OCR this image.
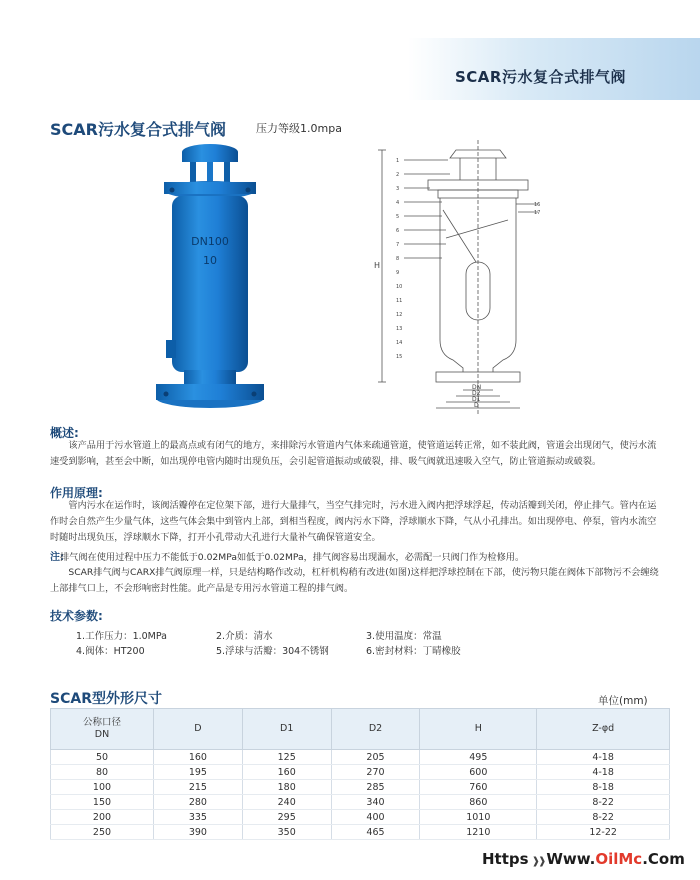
SCAR污水复合式排气阀
SCAR污水复合式排气阀	压力等级1.0mpa
DN100
10	H
DN
D2
D1
D
1
2
3
4
5
6
7
8
9
10
11
12
13
14
15
16
17
概述:

该产品用于污水管道上的最高点或有闭气的地方，来排除污水管道内气体来疏通管道，使管道运转正常，如不装此阀，管道会出现闭气，使污水流速受到影响，甚至会中断，如出现停电管内随时出现负压，会引起管道振动或破裂，排、吸气阀就迅速吸入空气，防止管道振动或破裂。

作用原理:

管内污水在运作时，该阀活瓣停在定位架下部，进行大量排气，当空气排完时，污水进入阀内把浮球浮起，传动活瓣到关闭，停止排气。管内在运作时会自然产生少量气体，这些气体会集中到管内上部，到相当程度，阀内污水下降，浮球顺水下降，气从小孔排出。如出现停电、停泵，管内水流空时随时出现负压，浮球顺水下降，打开小孔带动大孔进行大量补气确保管道安全。

注:
排气阀在使用过程中压力不能低于0.02MPa如低于0.02MPa，排气阀容易出现漏水，必需配一只阀门作为检修用。

SCAR排气阀与CARX排气阀原理一样，只是结构略作改动，杠杆机构稍有改进(如图)这样把浮球控制在下部，使污物只能在阀体下部物污不会缠绕上部排气口上，不会形响密封性能。此产品是专用污水管道工程的排气阀。

技术参数:
1.工作压力：1.0MPa	2.介质：清水	3.使用温度：常温
4.阀体：HT200	5.浮球与活瓣：304不锈钢	6.密封材料：丁晴橡胶
SCAR型外形尺寸	单位(mm)
公称口径
DN	D	D1	D2	H	Z-φd
50	160	125	205	495	4-18
80	195	160	270	600	4-18
100	215	180	285	760	8-18
150	280	240	340	860	8-22
200	335	295	400	1010	8-22
250	390	350	465	1210	12-22
Https ❱❱ Www.OilMc.Com
